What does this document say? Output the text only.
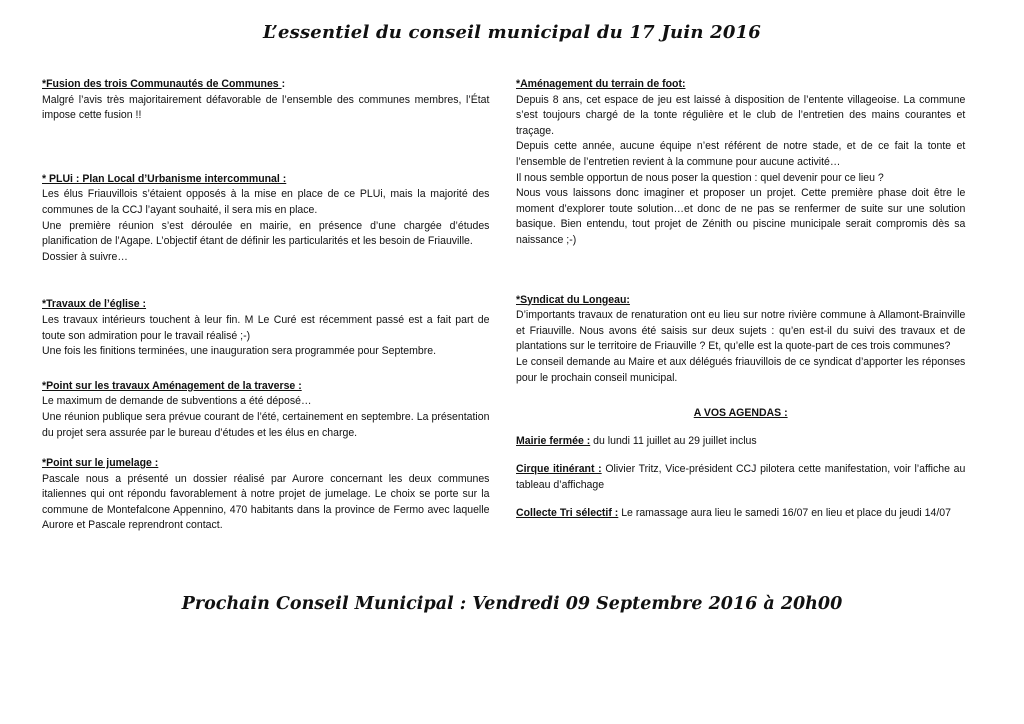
L’essentiel du conseil municipal du 17 Juin 2016
*Fusion des trois Communautés de Communes :

Malgré l’avis très majoritairement défavorable de l’ensemble des communes membres, l’État impose cette fusion !!

* PLUi : Plan Local d’Urbanisme intercommunal :

Les élus Friauvillois s’étaient opposés à la mise en place de ce PLUi, mais la majorité des communes de la CCJ l’ayant souhaité, il sera mis en place.

Une première réunion s’est déroulée en mairie, en présence d’une chargée d’études planification de l’Agape. L’objectif étant de définir les particularités et les besoin de Friauville.

Dossier à suivre…

*Travaux de l’église :

Les travaux intérieurs touchent à leur fin. M Le Curé est récemment passé est a fait part de toute son admiration pour le travail réalisé ;-)

Une fois les finitions terminées, une inauguration sera programmée pour Septembre.

*Point sur les travaux Aménagement de la traverse :

Le maximum de demande de subventions a été déposé…

Une réunion publique sera prévue courant de l’été, certainement en septembre. La présentation du projet sera assurée par le bureau d’études et les élus en charge.

*Point sur le jumelage :

Pascale nous a présenté un dossier réalisé par Aurore concernant les deux communes italiennes qui ont répondu favorablement à notre projet de jumelage. Le choix se porte sur la commune de Montefalcone Appennino, 470 habitants dans la province de Fermo avec laquelle Aurore et Pascale reprendront contact.

*Aménagement du terrain de foot:

Depuis 8 ans, cet espace de jeu est laissé à disposition de l’entente villageoise. La commune s’est toujours chargé de la tonte régulière et le club de l’entretien des mains courantes et traçage.

Depuis cette année, aucune équipe n’est référent de notre stade, et de ce fait la tonte et l’ensemble de l’entretien revient à la commune pour aucune activité…

Il nous semble opportun de nous poser la question : quel devenir pour ce lieu ?

Nous vous laissons donc imaginer et proposer un projet. Cette première phase doit être le moment d’explorer toute solution…et donc de ne pas se renfermer de suite sur une solution basique. Bien entendu, tout projet de Zénith ou piscine municipale serait compromis dès sa naissance ;-)

*Syndicat du Longeau:

D’importants travaux de renaturation ont eu lieu sur notre rivière commune à Allamont-Brainville et Friauville. Nous avons été saisis sur deux sujets : qu’en est-il du suivi des travaux et de plantations sur le territoire de Friauville ? Et, qu’elle est la quote-part de ces trois communes?

Le conseil demande au Maire et aux délégués friauvillois de ce syndicat d’apporter les réponses pour le prochain conseil municipal.

A VOS AGENDAS :

Mairie fermée : du lundi 11 juillet au 29 juillet inclus

Cirque itinérant : Olivier Tritz, Vice-président CCJ pilotera cette manifestation, voir l’affiche au tableau d’affichage

Collecte Tri sélectif : Le ramassage aura lieu le samedi 16/07 en lieu et place du jeudi 14/07

Prochain Conseil Municipal : Vendredi 09 Septembre 2016 à 20h00
